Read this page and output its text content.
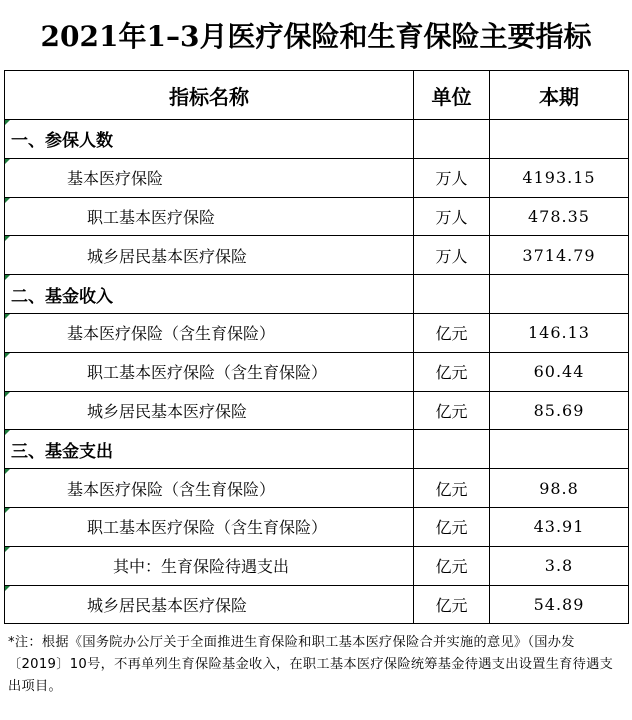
2021年1–3月医疗保险和生育保险主要指标
指标名称	单位	本期
一、参保人数		
基本医疗保险	万人	4193.15
职工基本医疗保险	万人	478.35
城乡居民基本医疗保险	万人	3714.79
二、基金收入		
基本医疗保险（含生育保险）	亿元	146.13
职工基本医疗保险（含生育保险）	亿元	60.44
城乡居民基本医疗保险	亿元	85.69
三、基金支出		
基本医疗保险（含生育保险）	亿元	98.8
职工基本医疗保险（含生育保险）	亿元	43.91
其中：生育保险待遇支出	亿元	3.8
城乡居民基本医疗保险	亿元	54.89
*注：根据《国务院办公厅关于全面推进生育保险和职工基本医疗保险合并实施的意见》（国办发〔2019〕10号，不再单列生育保险基金收入，在职工基本医疗保险统筹基金待遇支出设置生育待遇支出项目。
